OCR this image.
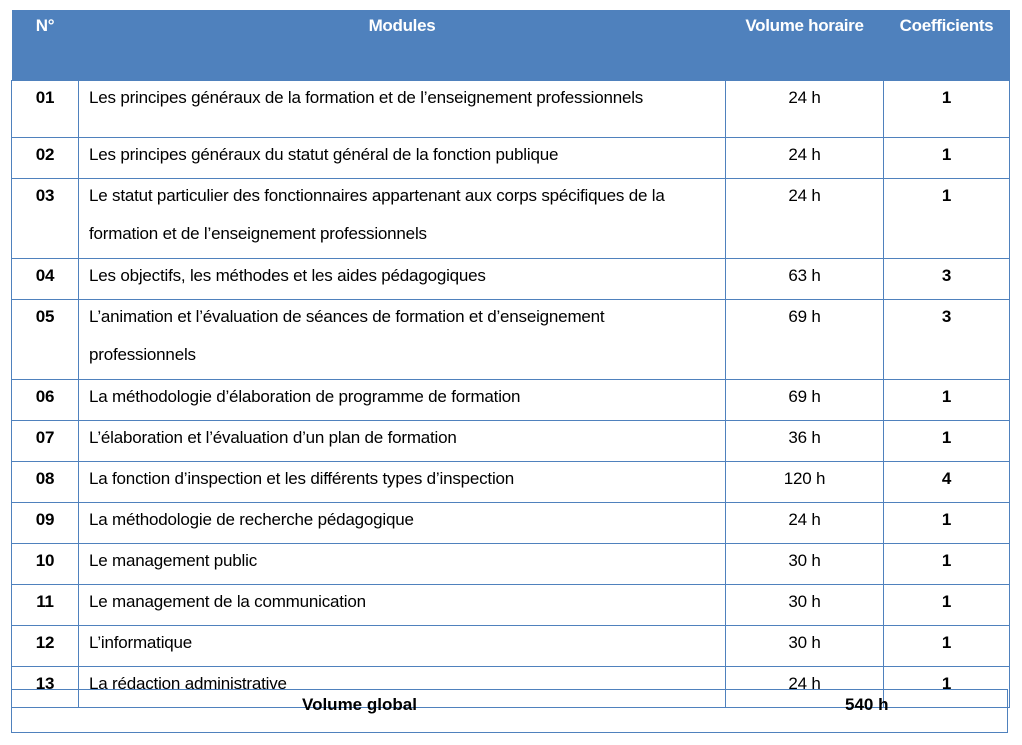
N°	Modules	Volume horaire	Coefficients

01	Les principes généraux de la formation et de l’enseignement professionnels	24 h	1

02	Les principes généraux du statut général de la fonction publique	24 h	1

03	Le statut particulier des fonctionnaires appartenant aux corps spécifiques de la formation et de l’enseignement professionnels	24 h	1

04	Les objectifs, les méthodes et les aides pédagogiques	63 h	3

05	L’animation et l’évaluation de séances de formation et d’enseignement professionnels	69 h	3

06	La méthodologie d’élaboration de programme de formation	69 h	1

07	L’élaboration et l’évaluation d’un plan de formation	36 h	1

08	La fonction d’inspection et les différents types d’inspection	120 h	4

09	La méthodologie de recherche pédagogique	24 h	1

10	Le management public	30 h	1

11	Le management de la communication	30 h	1

12	L’informatique	30 h	1

13	La rédaction administrative	24 h	1
Volume global	540 h
